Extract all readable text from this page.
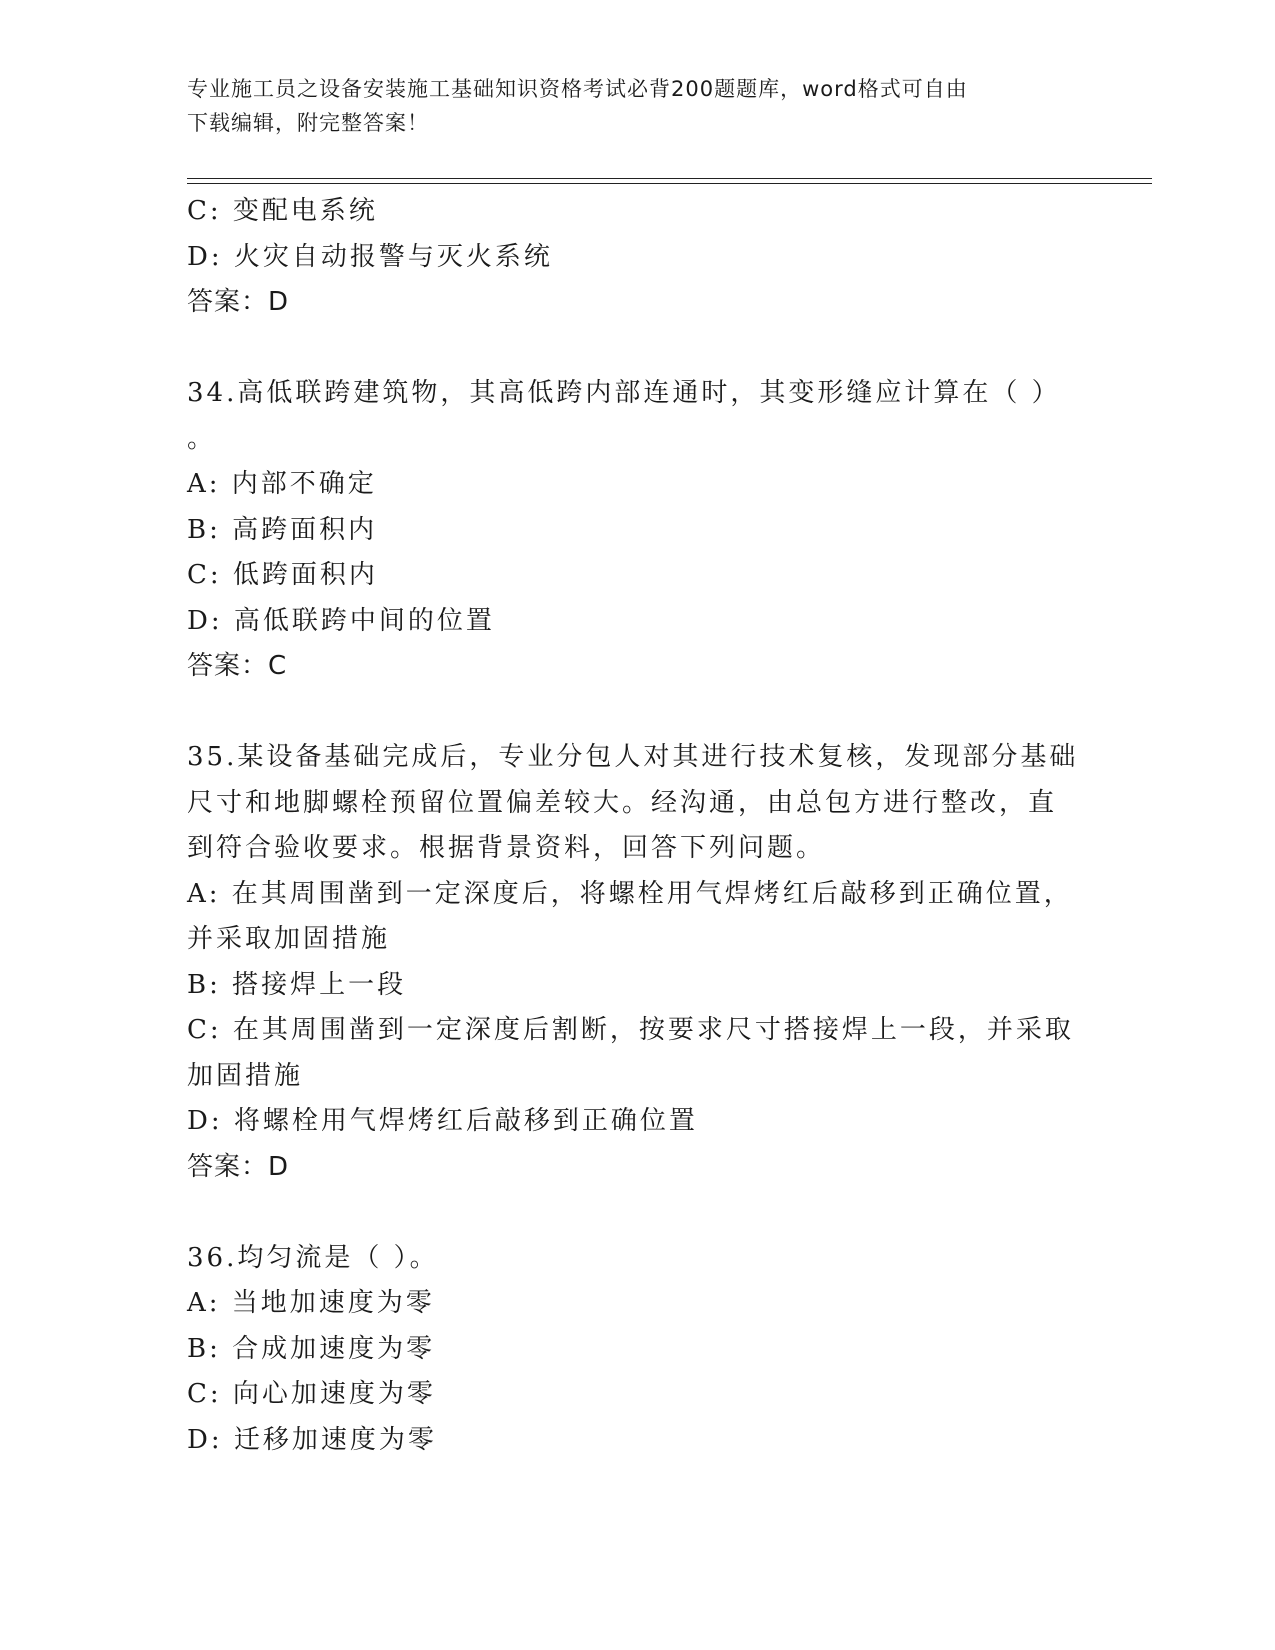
专业施工员之设备安装施工基础知识资格考试必背200题题库，word格式可自由
下载编辑，附完整答案！
C: 变配电系统
D: 火灾自动报警与灭火系统
答案：D
34.高低联跨建筑物，其高低跨内部连通时，其变形缝应计算在（ ）
。
A: 内部不确定
B: 高跨面积内
C: 低跨面积内
D: 高低联跨中间的位置
答案：C
35.某设备基础完成后，专业分包人对其进行技术复核，发现部分基础
尺寸和地脚螺栓预留位置偏差较大。经沟通，由总包方进行整改，直
到符合验收要求。根据背景资料，回答下列问题。
A: 在其周围凿到一定深度后，将螺栓用气焊烤红后敲移到正确位置，
并采取加固措施
B: 搭接焊上一段
C: 在其周围凿到一定深度后割断，按要求尺寸搭接焊上一段，并采取
加固措施
D: 将螺栓用气焊烤红后敲移到正确位置
答案：D
36.均匀流是（ ）。
A: 当地加速度为零
B: 合成加速度为零
C: 向心加速度为零
D: 迁移加速度为零
